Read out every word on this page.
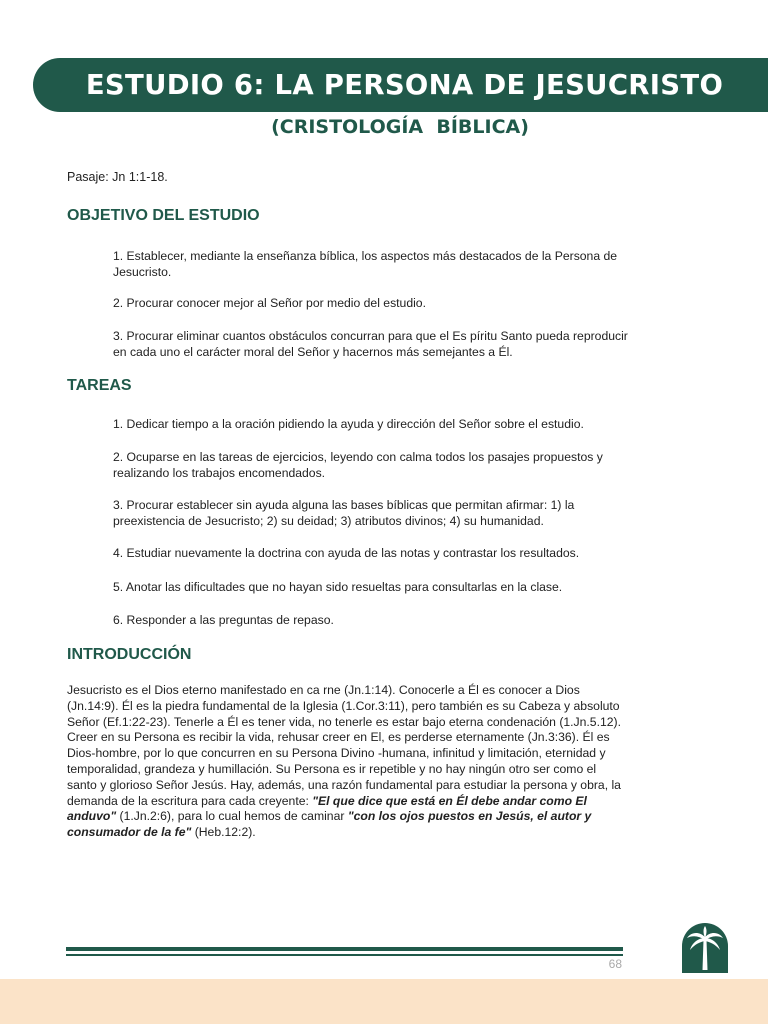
ESTUDIO 6: LA PERSONA DE JESUCRISTO
(CRISTOLOGÍA  BÍBLICA)
Pasaje: Jn 1:1-18.
OBJETIVO DEL ESTUDIO

1. Establecer, mediante la enseñanza bíblica, los aspectos más destacados de la Persona de Jesucristo.

2. Procurar conocer mejor al Señor por medio del estudio.

3. Procurar eliminar cuantos obstáculos concurran para que el Es píritu Santo pueda reproducir en cada uno el carácter moral del Señor y hacernos más semejantes a Él.

TAREAS

1. Dedicar tiempo a la oración pidiendo la ayuda y dirección del Señor sobre el estudio.

2. Ocuparse en las tareas de ejercicios, leyendo con calma todos los pasajes propuestos y realizando los trabajos encomendados.

3. Procurar establecer sin ayuda alguna las bases bíblicas que permitan afirmar: 1) la preexistencia de Jesucristo; 2) su deidad; 3) atributos divinos; 4) su humanidad.

4. Estudiar nuevamente la doctrina con ayuda de las notas y contrastar los resultados.

5. Anotar las dificultades que no hayan sido resueltas para consultarlas en la clase.

6. Responder a las preguntas de repaso.

INTRODUCCIÓN

Jesucristo es el Dios eterno manifestado en ca rne (Jn.1:14). Conocerle a Él es conocer a Dios (Jn.14:9). Él es la piedra fundamental de la Iglesia (1.Cor.3:11), pero también es su Cabeza y absoluto Señor (Ef.1:22-23). Tenerle a Él es tener vida, no tenerle es estar bajo eterna condenación (1.Jn.5.12). Creer en su Persona es recibir la vida, rehusar creer en El, es perderse eternamente (Jn.3:36). Él es Dios-hombre, por lo que concurren en su Persona Divino -humana, infinitud y limitación, eternidad y temporalidad, grandeza y humillación. Su Persona es ir repetible y no hay ningún otro ser como el santo y glorioso Señor Jesús. Hay, además, una razón fundamental para estudiar la persona y obra, la demanda de la escritura para cada creyente: "El que dice que está en Él debe andar como El anduvo" (1.Jn.2:6), para lo cual hemos de caminar "con los ojos puestos en Jesús, el autor y consumador de la fe" (Heb.12:2).

68
